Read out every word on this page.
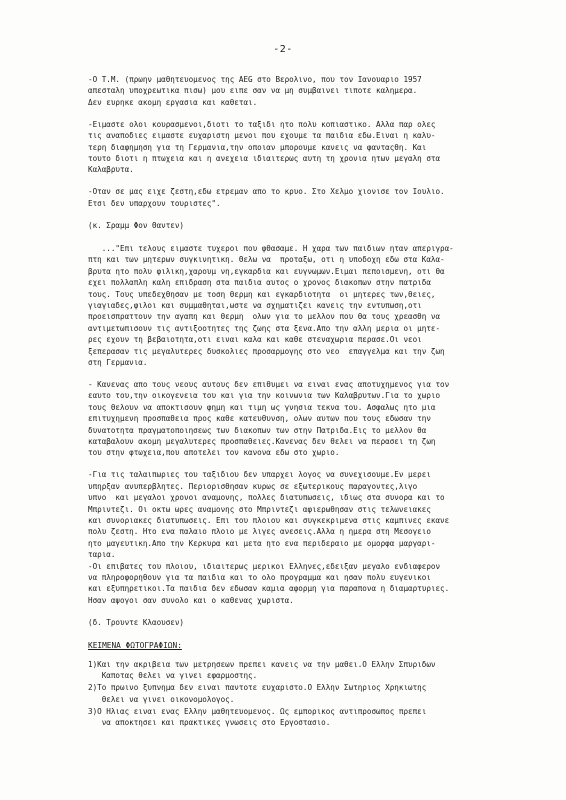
-2-

-Ο Τ.Μ. (πρωην μαθητευομενος της AEG στο Βερολινο, που τον Ιανουαριο 1957
απεσταλη υποχρεωτικα πισω) μου ειπε σαν να μη συμβαινει τιποτε καλημερα.
Δεν ευρηκε ακομη εργασια και καθεται.

-Ειμαστε ολοι κουρασμενοι,διοτι το ταξιδι ητο πολυ κοπιαστικο. Αλλα παρ ολες
τις αναποδιες ειμαστε ευχαριστη μενοι που εχουμε τα παιδια εδω.Ειναι η καλυ-
τερη διαφημηση για τη Γερμανια,την οποιαν μπορουμε κανεις να φανταςθη. Και
τουτο διοτι η πτωχεια και η ανεχεια ιδιαιτερως αυτη τη χρονια ητων μεγαλη στα
Καλαβρυτα.

-Οταν σε μας ειχε ζεστη,εδω ετρεμαν απο το κρυο. Στο Χελμο χιονισε τον Ιουλιο.
Ετσι δεν υπαρχουν τουριστες".

(κ. Σραμμ Φον Θαντεν)

..."Επι τελους ειμαστε τυχεροι που φθασαμε. Η χαρα των παιδιων ηταν απεριγρα-
πτη και των μητερων συγκινητικη. Θελω να  προταξω, οτι η υποδοχη εδω στα Καλα-
βρυτα ητο πολυ φιλικη,χαρουμ νη,εγκαρδια και ευγνωμων.Ειμαι πεποισμενη, οτι θα
εχει πολλαπλη καλη επιδραση στα παιδια αυτος ο χρονος διακοπων στην πατριδα
τους. Τους υπεδεχθησαν με τοση θερμη και εγκαρδιοτητα  οι μητερες των,θειες,
γιαγιαδες,φιλοι και συμμαθηται,ωστε να σχηματιζει κανεις την εντυπωση,οτι
προεισπραττουν την αγαπη και θερμη  ολων για το μελλον που θα τους χρεασθη να
αντιμετωπισουν τις αντιξοοτητες της ζωης στα ξενα.Απο την αλλη μερια οι μητε-
ρες εχουν τη βεβαιοτητα,οτι ειναι καλα και καθε στεναχωρια περασε.Οι νεοι
ξεπερασαν τις μεγαλυτερες δυσκολιες προσαρμογης στο νεο  επαγγελμα και την ζωη
στη Γερμανια.

- Κανενας απο τους νεους αυτους δεν επιθυμει να ειναι ενας αποτυχημενος για τον
εαυτο του,την οικογενεια του και για την κοινωνια των Καλαβρυτων.Για το χωριο
τους θελουν να αποκτισουν φημη και τιμη ως γνησια τεκνα του. Ασφαλως ητο μια
επιτυχημενη προσπαθεια προς καθε κατευθυνση, ολων αυτων που τους εδωσαν την
δυνατοτητα πραγματοποιησεως των διακοπων των στην Πατριδα.Εις το μελλον θα
καταβαλουν ακομη μεγαλυτερες προσπαθειες.Κανενας δεν θελει να περασει τη ζωη
του στην φτωχεια,που αποτελει τον κανονα εδω στο χωριο.

-Για τις ταλαιπωριες του ταξιδιου δεν υπαρχει λογος να συνεχισουμε.Εν μερει
υπηρξαν ανυπερβλητες. Περιορισθησαν κυρως σε εξωτερικους παραγοντες,λιγο
υπνο  και μεγαλοι χρονοι αναμονης, πολλες διατυπωσεις, ιδιως στα συνορα και το
Μπριντεζι. Οι οκτω ωρες αναμονης στο Μπριντεζι αφιερωθησαν στις τελωνειακες
και συνοριακες διατυπωσεις. Επι του πλοιου και συγκεκριμενα στις καμπινες εκανε
πολυ ζεστη. Ητο ενα παλαιο πλοιο με λιγες ανεσεις.Αλλα η ημερα στη Μεσογειο
ητο μαγευτικη.Απο την Κερκυρα και μετα ητο ενα περιδεραιο με ομορφα μαργαρι-
ταρια.
-Οι επιβατες του πλοιου, ιδιαιτερως μερικοι Ελληνες,εδειξαν μεγαλο ενδιαφερον
να πληροφορηθουν για τα παιδια και το ολο προγραμμα και ησαν πολυ ευγενικοι
και εξυπηρετικοι.Τα παιδια δεν εδωσαν καμια αφορμη για παραπονα η διαμαρτυριες.
Ησαν αψογοι σαν συνολο και ο καθενας χωριστα.

(δ. Τρουντε Κλαουσεν)

ΚΕΙΜΕΝΑ ΦΩΤΟΓΡΑΦΙΩΝ:
1)Και την ακριβεια των μετρησεων πρεπει κανεις να την μαθει.Ο Ελλην Σπυριδων
Καποτας θελει να γινει εφαρμοστης.
2)Το πρωινο ξυπνημα δεν ειναι παντοτε ευχαριστο.Ο Ελλην Σωτηριος Χρηκιωτης
θελει να γινει οικονομολογος.
3)Ο Ηλιας ειναι ενας Ελλην μαθητευομενος. Ως εμπορικος αντιπροσωπος πρεπει
να αποκτησει και πρακτικες γνωσεις στο Εργοστασιο.
